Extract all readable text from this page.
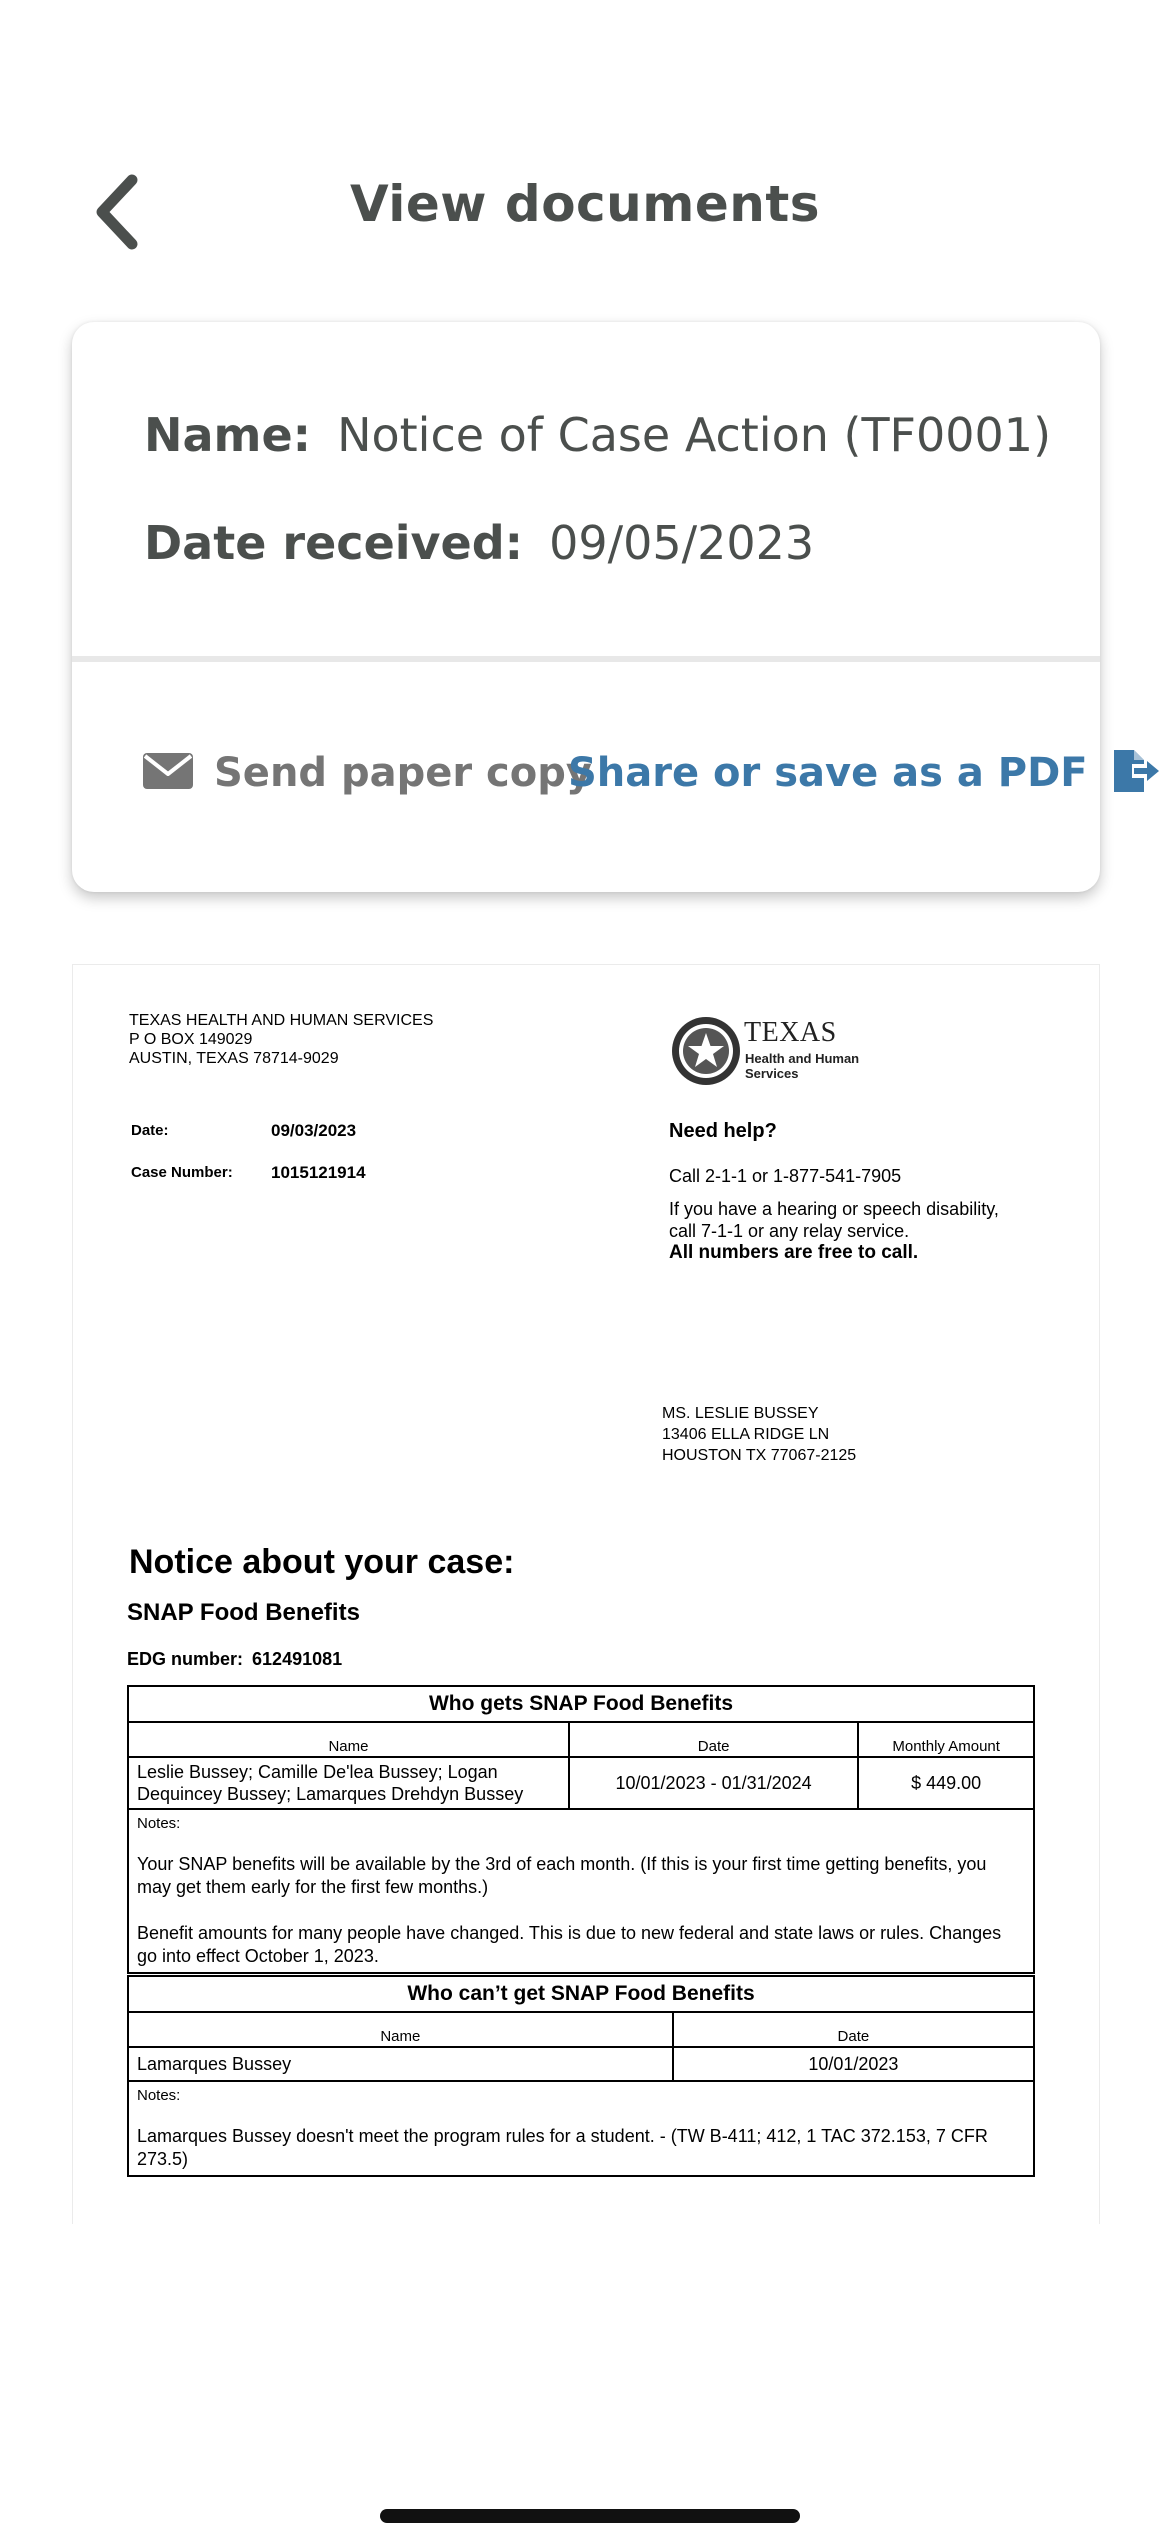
View documents
Name: Notice of Case Action (TF0001)
Date received: 09/05/2023
Send paper copy
Share or save as a PDF
TEXAS HEALTH AND HUMAN SERVICES
P O BOX 149029
AUSTIN, TEXAS 78714-9029
TEXAS
Health and Human
Services
Date:	09/03/2023
Case Number: 1015121914
Need help?
Call 2-1-1 or 1-877-541-7905
If you have a hearing or speech disability,
call 7-1-1 or any relay service.
All numbers are free to call.
MS. LESLIE BUSSEY
13406 ELLA RIDGE LN
HOUSTON TX 77067-2125
Notice about your case:
SNAP Food Benefits
EDG number: 612491081
Who gets SNAP Food Benefits		
Name	Date	Monthly Amount

Leslie Bussey; Camille De'lea Bussey; Logan
Dequincey Bussey; Lamarques Drehdyn Bussey	10/01/2023 - 01/31/2024	$ 449.00

Notes:
Your SNAP benefits will be available by the 3rd of each month. (If this is your first time getting benefits, you may get them early for the first few months.)
Benefit amounts for many people have changed. This is due to new federal and state laws or rules. Changes go into effect October 1, 2023.		
Who can’t get SNAP Food Benefits	
Name	Date
Lamarques Bussey	10/01/2023

Notes:
Lamarques Bussey doesn't meet the program rules for a student. - (TW B-411; 412, 1 TAC 372.153, 7 CFR 273.5)	
